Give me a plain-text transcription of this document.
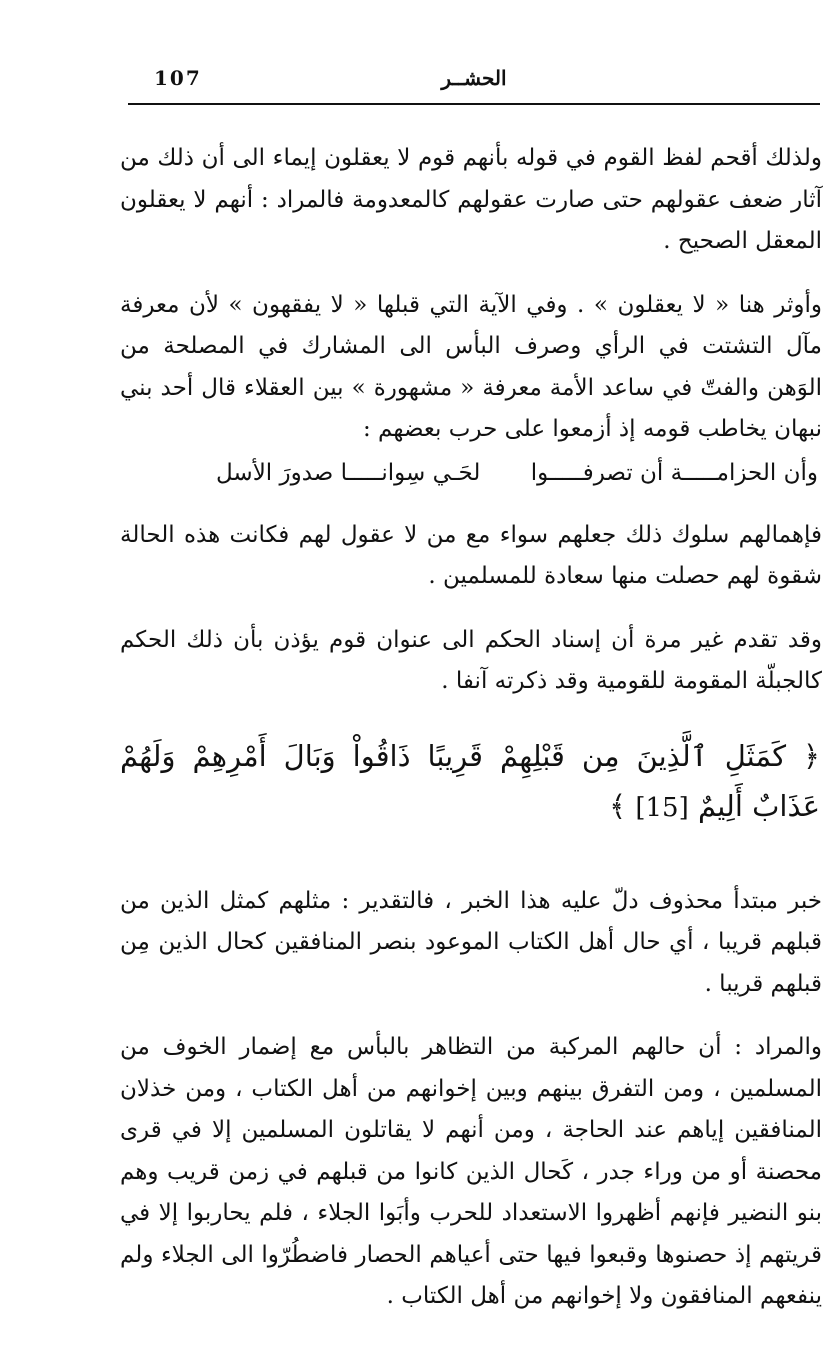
107	الحشــر

ولذلك أقحم لفظ القوم في قوله بأنهم قوم لا يعقلون إيماء الى أن ذلك من آثار ضعف عقولهم حتى صارت عقولهم كالمعدومة فالمراد : أنهم لا يعقلون المعقل الصحيح .

وأوثر هنا « لا يعقلون » . وفي الآية التي قبلها « لا يفقهون » لأن معرفة مآل التشتت في الرأي وصرف البأس الى المشارك في المصلحة من الوَهن والفتّ في ساعد الأمة معرفة « مشهورة » بين العقلاء قال أحد بني نبهان يخاطب قومه إذ أزمعوا على حرب بعضهم :

وأن الحزامـــــة أن تصرفـــــوا
لحَـي سِوانـــــا صدورَ الأسل

فإهمالهم سلوك ذلك جعلهم سواء مع من لا عقول لهم فكانت هذه الحالة شقوة لهم حصلت منها سعادة للمسلمين .

وقد تقدم غير مرة أن إسناد الحكم الى عنوان قوم يؤذن بأن ذلك الحكم كالجبلّة المقومة للقومية وقد ذكرته آنفا .

﴿ كَمَثَلِ ٱلَّذِينَ مِن قَبْلِهِمْ قَرِيبًا ذَاقُواْ وَبَالَ أَمْرِهِمْ وَلَهُمْ عَذَابٌ أَلِيمٌ [15] ﴾

خبر مبتدأ محذوف دلّ عليه هذا الخبر ، فالتقدير : مثلهم كمثل الذين من قبلهم قريبا ، أي حال أهل الكتاب الموعود بنصر المنافقين كحال الذين مِن قبلهم قريبا .

والمراد : أن حالهم المركبة من التظاهر بالبأس مع إضمار الخوف من المسلمين ، ومن التفرق بينهم وبين إخوانهم من أهل الكتاب ، ومن خذلان المنافقين إياهم عند الحاجة ، ومن أنهم لا يقاتلون المسلمين إلا في قرى محصنة أو من وراء جدر ، كَحال الذين كانوا من قبلهم في زمن قريب وهم بنو النضير فإنهم أظهروا الاستعداد للحرب وأبَوا الجلاء ، فلم يحاربوا إلا في قريتهم إذ حصنوها وقبعوا فيها حتى أعياهم الحصار فاضطُرّوا الى الجلاء ولم ينفعهم المنافقون ولا إخوانهم من أهل الكتاب .
